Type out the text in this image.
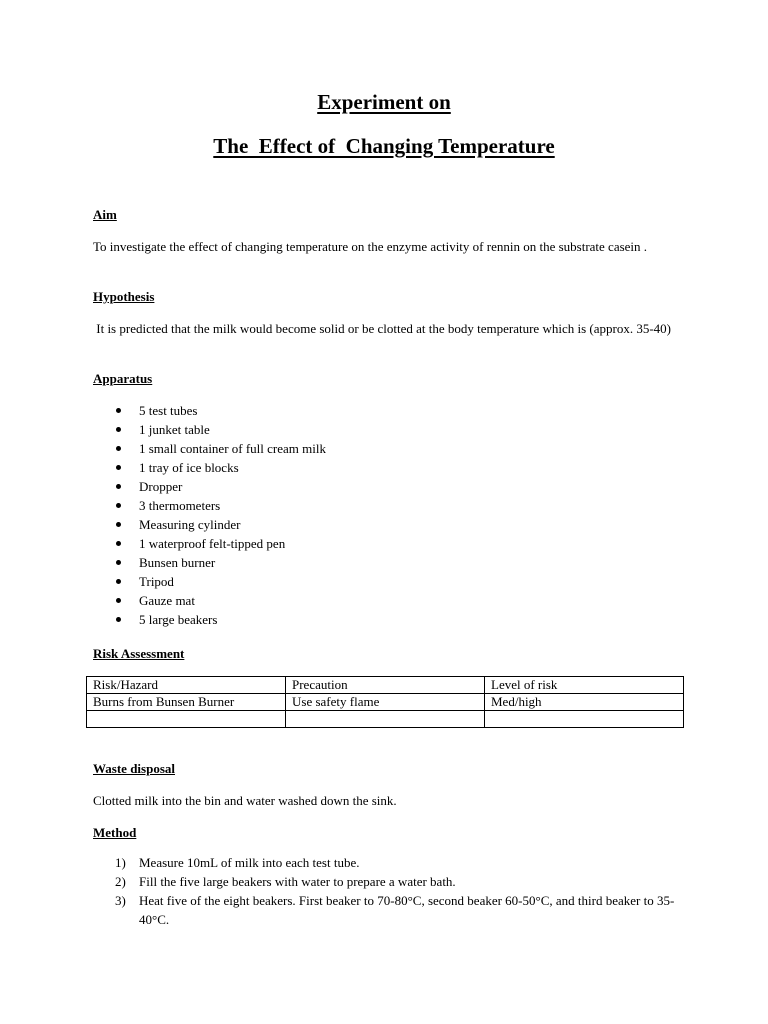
Experiment on
The  Effect of  Changing Temperature
Aim

To investigate the effect of changing temperature on the enzyme activity of rennin on the substrate casein .

Hypothesis

It is predicted that the milk would become solid or be clotted at the body temperature which is (approx. 35-40)

Apparatus
5 test tubes
1 junket table
1 small container of full cream milk
1 tray of ice blocks
Dropper
3 thermometers
Measuring cylinder
1 waterproof felt-tipped pen
Bunsen burner
Tripod
Gauze mat
5 large beakers
Risk Assessment
Risk/Hazard	Precaution	Level of risk
Burns from Bunsen Burner	Use safety flame	Med/high

Waste disposal

Clotted milk into the bin and water washed down the sink.

Method
1) Measure 10mL of milk into each test tube.
2) Fill the five large beakers with water to prepare a water bath.
3) Heat five of the eight beakers. First beaker to 70-80°C, second beaker 60-50°C, and third beaker to 35-40°C.
